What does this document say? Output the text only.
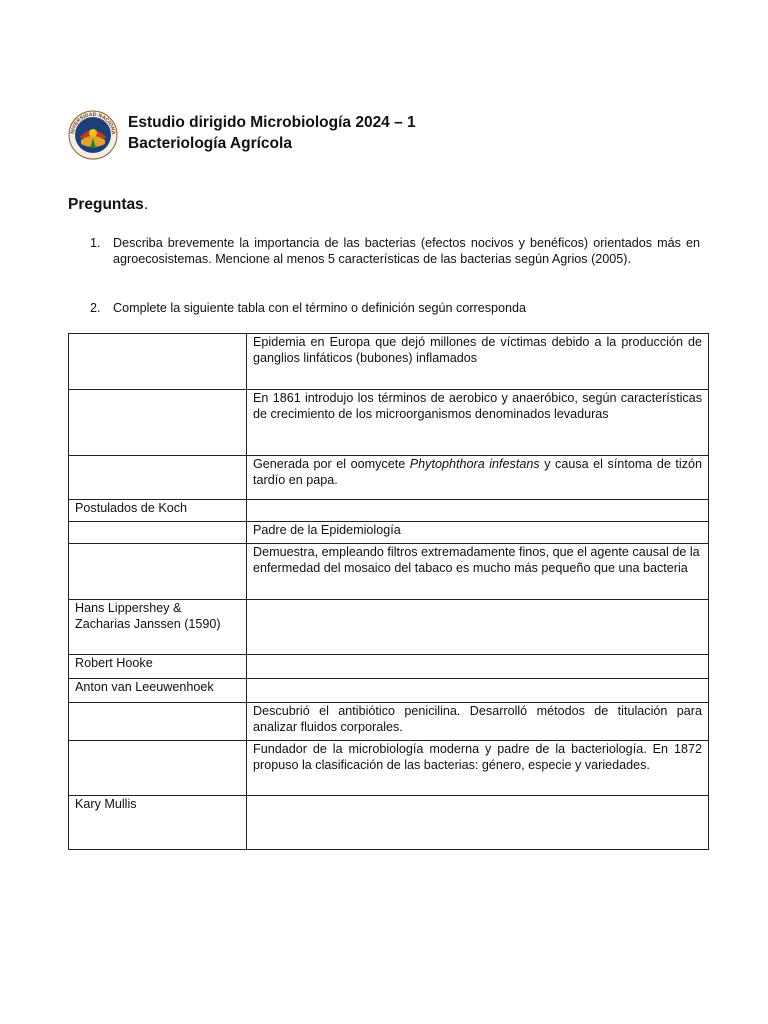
NIVERSIDAD NACIONA
Estudio dirigido Microbiología 2024 – 1
Bacteriología Agrícola
Preguntas.
1. Describa brevemente la importancia de las bacterias (efectos nocivos y benéficos) orientados más en agroecosistemas. Mencione al menos 5 características de las bacterias según Agrios (2005).
2. Complete la siguiente tabla con el término o definición según corresponda
	Epidemia en Europa que dejó millones de víctimas debido a la producción de ganglios linfáticos (bubones) inflamados
	En 1861 introdujo los términos de aerobico y anaeróbico, según características de crecimiento de los microorganismos denominados levaduras
	Generada por el oomycete Phytophthora infestans y causa el síntoma de tizón tardío en papa.
Postulados de Koch	
	Padre de la Epidemiología
	Demuestra, empleando filtros extremadamente finos, que el agente causal de la enfermedad del mosaico del tabaco es mucho más pequeño que una bacteria
Hans Lippershey & Zacharias Janssen (1590)	
Robert Hooke	
Anton van Leeuwenhoek	
	Descubrió el antibiótico penicilina. Desarrolló métodos de titulación para analizar fluidos corporales.
	Fundador de la microbiología moderna y padre de la bacteriología. En 1872 propuso la clasificación de las bacterias: género, especie y variedades.
Kary Mullis	
